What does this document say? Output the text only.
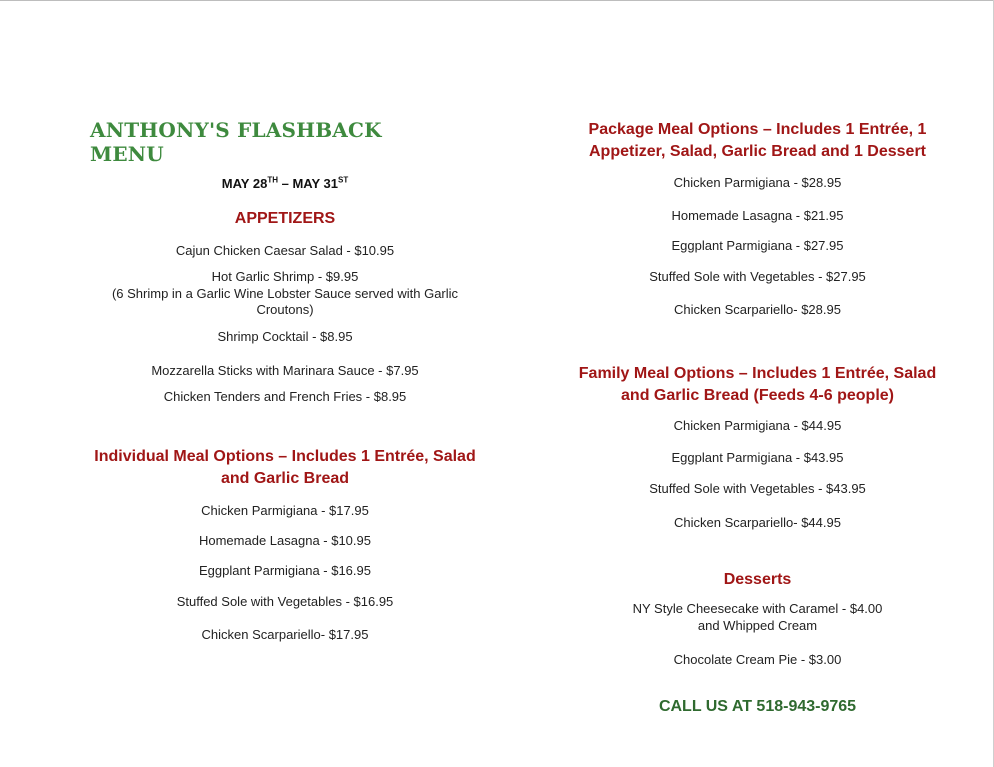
ANTHONY'S FLASHBACK MENU
MAY 28TH – MAY 31ST
APPETIZERS
Cajun Chicken Caesar Salad - $10.95
Hot Garlic Shrimp - $9.95
(6 Shrimp in a Garlic Wine Lobster Sauce served with Garlic
Croutons)
Shrimp Cocktail - $8.95
Mozzarella Sticks with Marinara Sauce - $7.95
Chicken Tenders and French Fries - $8.95
Individual Meal Options – Includes 1 Entrée, Salad
and Garlic Bread
Chicken Parmigiana - $17.95
Homemade Lasagna - $10.95
Eggplant Parmigiana - $16.95
Stuffed Sole with Vegetables - $16.95
Chicken Scarpariello- $17.95
Package Meal Options – Includes 1 Entrée, 1
Appetizer, Salad, Garlic Bread and 1 Dessert
Chicken Parmigiana - $28.95
Homemade Lasagna - $21.95
Eggplant Parmigiana - $27.95
Stuffed Sole with Vegetables - $27.95
Chicken Scarpariello- $28.95
Family Meal Options – Includes 1 Entrée, Salad
and Garlic Bread (Feeds 4-6 people)
Chicken Parmigiana - $44.95
Eggplant Parmigiana - $43.95
Stuffed Sole with Vegetables - $43.95
Chicken Scarpariello- $44.95
Desserts
NY Style Cheesecake with Caramel - $4.00
and Whipped Cream
Chocolate Cream Pie - $3.00
CALL US AT 518-943-9765
